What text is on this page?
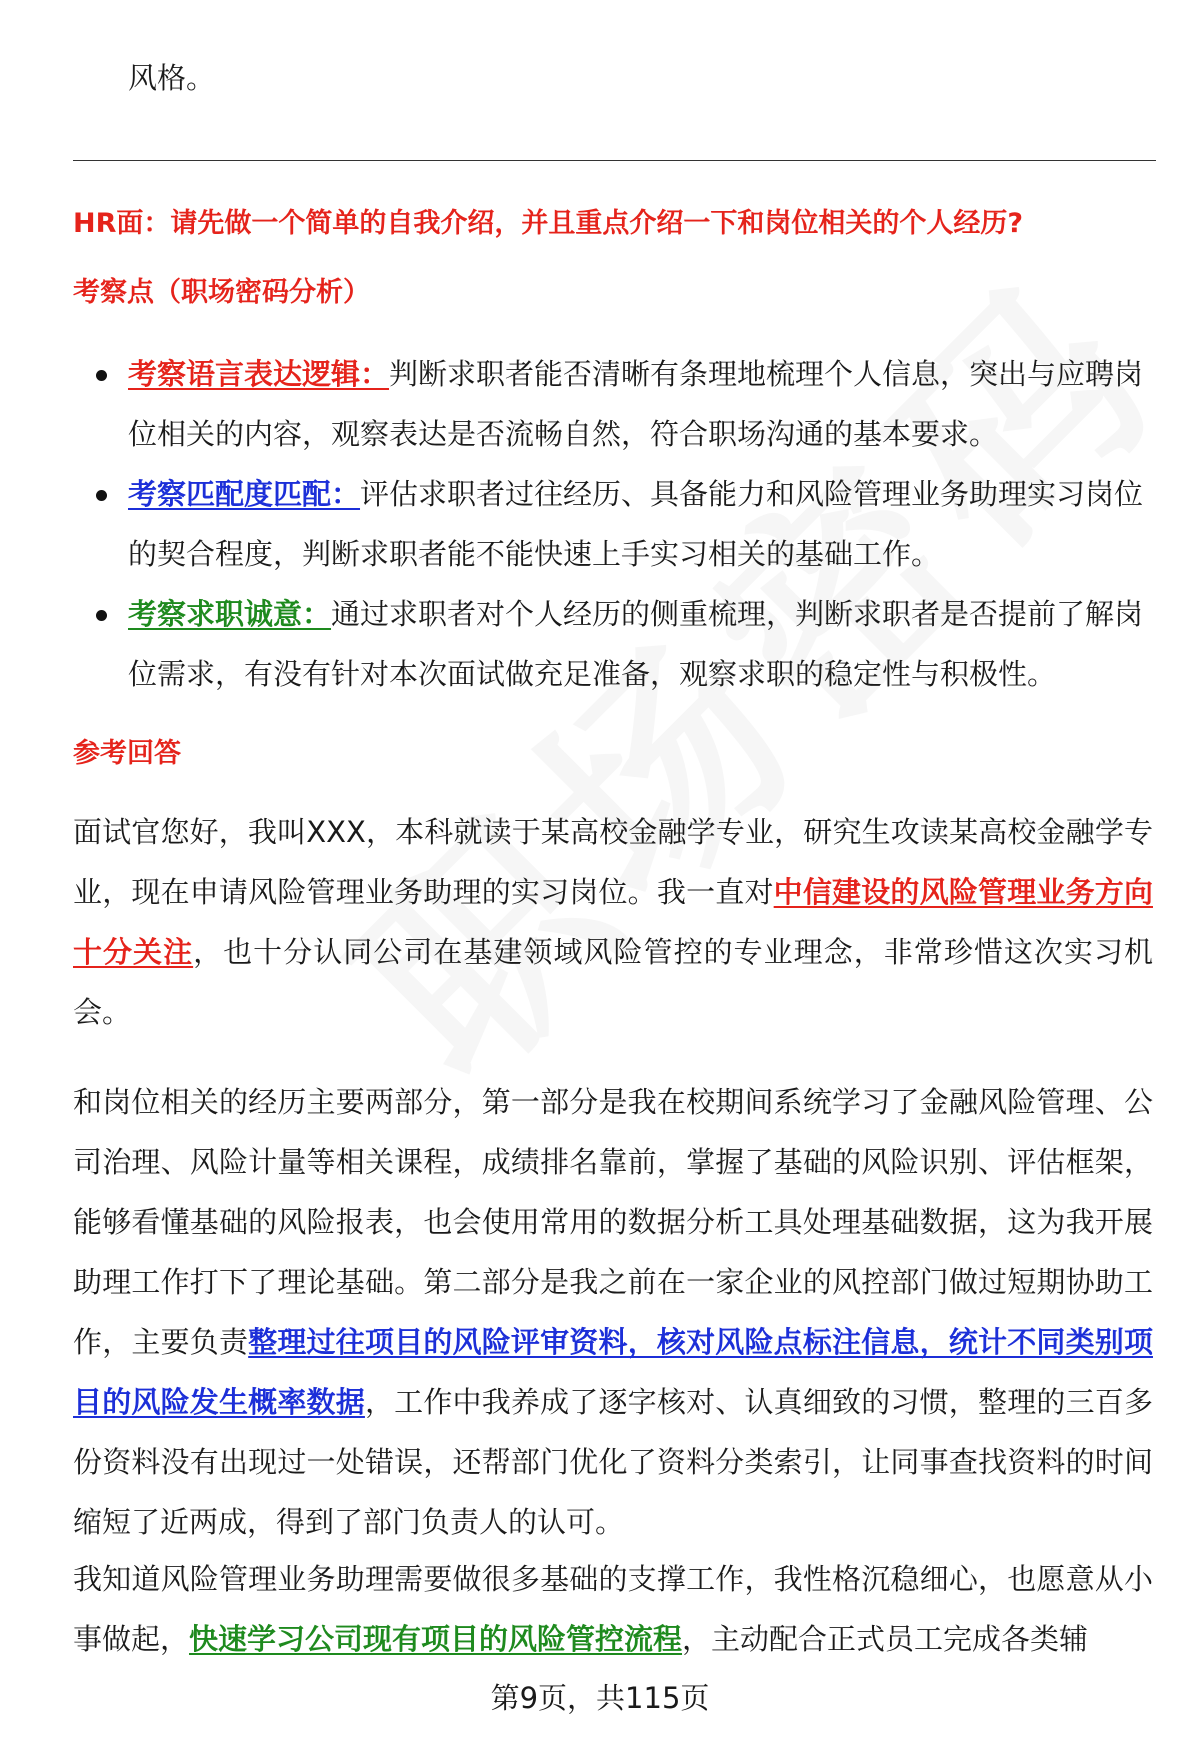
风格。
HR面：请先做一个简单的自我介绍，并且重点介绍一下和岗位相关的个人经历?
考察点（职场密码分析）
考察语言表达逻辑：判断求职者能否清晰有条理地梳理个人信息，突出与应聘岗位相关的内容，观察表达是否流畅自然，符合职场沟通的基本要求。
考察匹配度匹配：评估求职者过往经历、具备能力和风险管理业务助理实习岗位的契合程度，判断求职者能不能快速上手实习相关的基础工作。
考察求职诚意：通过求职者对个人经历的侧重梳理，判断求职者是否提前了解岗位需求，有没有针对本次面试做充足准备，观察求职的稳定性与积极性。
参考回答

面试官您好，我叫XXX，本科就读于某高校金融学专业，研究生攻读某高校金融学专业，现在申请风险管理业务助理的实习岗位。我一直对中信建设的风险管理业务方向十分关注，也十分认同公司在基建领域风险管控的专业理念，非常珍惜这次实习机会。

和岗位相关的经历主要两部分，第一部分是我在校期间系统学习了金融风险管理、公司治理、风险计量等相关课程，成绩排名靠前，掌握了基础的风险识别、评估框架，能够看懂基础的风险报表，也会使用常用的数据分析工具处理基础数据，这为我开展助理工作打下了理论基础。第二部分是我之前在一家企业的风控部门做过短期协助工作，主要负责整理过往项目的风险评审资料，核对风险点标注信息，统计不同类别项目的风险发生概率数据，工作中我养成了逐字核对、认真细致的习惯，整理的三百多份资料没有出现过一处错误，还帮部门优化了资料分类索引，让同事查找资料的时间缩短了近两成，得到了部门负责人的认可。

我知道风险管理业务助理需要做很多基础的支撑工作，我性格沉稳细心，也愿意从小事做起，快速学习公司现有项目的风险管控流程，主动配合正式员工完成各类辅

第9页，共115页
